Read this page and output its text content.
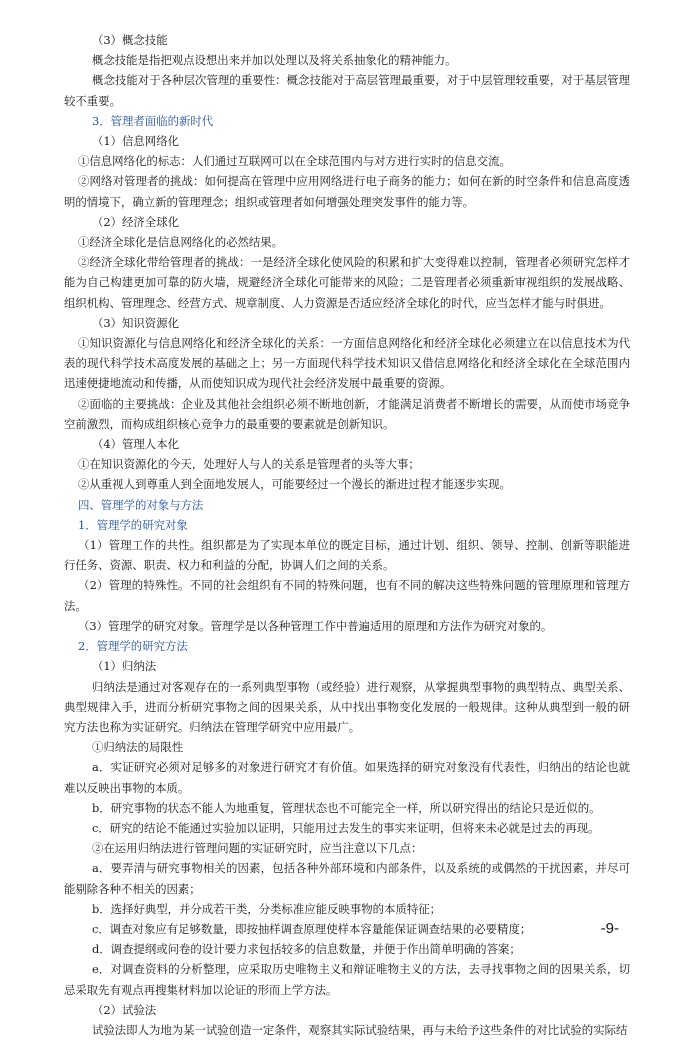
（3）概念技能

概念技能是指把观点设想出来并加以处理以及将关系抽象化的精神能力。

概念技能对于各种层次管理的重要性：概念技能对于高层管理最重要，对于中层管理较重要，对于基层管理较不重要。

3．管理者面临的新时代

（1）信息网络化

①信息网络化的标志：人们通过互联网可以在全球范围内与对方进行实时的信息交流。

②网络对管理者的挑战：如何提高在管理中应用网络进行电子商务的能力；如何在新的时空条件和信息高度透明的情境下，确立新的管理理念；组织或管理者如何增强处理突发事件的能力等。

（2）经济全球化

①经济全球化是信息网络化的必然结果。

②经济全球化带给管理者的挑战：一是经济全球化使风险的积累和扩大变得难以控制，管理者必须研究怎样才能为自己构建更加可靠的防火墙，规避经济全球化可能带来的风险；二是管理者必须重新审视组织的发展战略、组织机构、管理理念、经营方式、规章制度、人力资源是否适应经济全球化的时代，应当怎样才能与时俱进。

（3）知识资源化

①知识资源化与信息网络化和经济全球化的关系：一方面信息网络化和经济全球化必须建立在以信息技术为代表的现代科学技术高度发展的基础之上；另一方面现代科学技术知识又借信息网络化和经济全球化在全球范围内迅速便捷地流动和传播，从而使知识成为现代社会经济发展中最重要的资源。

②面临的主要挑战：企业及其他社会组织必须不断地创新，才能满足消费者不断增长的需要，从而使市场竞争空前激烈，而构成组织核心竞争力的最重要的要素就是创新知识。

（4）管理人本化

①在知识资源化的今天，处理好人与人的关系是管理者的头等大事；

②从重视人到尊重人到全面地发展人，可能要经过一个漫长的渐进过程才能逐步实现。

四、管理学的对象与方法

1．管理学的研究对象

（1）管理工作的共性。组织都是为了实现本单位的既定目标，通过计划、组织、领导、控制、创新等职能进行任务、资源、职责、权力和利益的分配，协调人们之间的关系。

（2）管理的特殊性。不同的社会组织有不同的特殊问题，也有不同的解决这些特殊问题的管理原理和管理方法。

（3）管理学的研究对象。管理学是以各种管理工作中普遍适用的原理和方法作为研究对象的。

2．管理学的研究方法

（1）归纳法

归纳法是通过对客观存在的一系列典型事物（或经验）进行观察，从掌握典型事物的典型特点、典型关系、典型规律入手，进而分析研究事物之间的因果关系，从中找出事物变化发展的一般规律。这种从典型到一般的研究方法也称为实证研究。归纳法在管理学研究中应用最广。

①归纳法的局限性

a．实证研究必须对足够多的对象进行研究才有价值。如果选择的研究对象没有代表性，归纳出的结论也就难以反映出事物的本质。

b．研究事物的状态不能人为地重复，管理状态也不可能完全一样，所以研究得出的结论只是近似的。

c．研究的结论不能通过实验加以证明，只能用过去发生的事实来证明，但将来未必就是过去的再现。

②在运用归纳法进行管理问题的实证研究时，应当注意以下几点：

a．要弄清与研究事物相关的因素，包括各种外部环境和内部条件，以及系统的或偶然的干扰因素，并尽可能剔除各种不相关的因素；

b．选择好典型，并分成若干类，分类标准应能反映事物的本质特征；

c．调查对象应有足够数量，即按抽样调查原理使样本容量能保证调查结果的必要精度；

d．调查提纲或问卷的设计要力求包括较多的信息数量，并便于作出简单明确的答案；

e．对调查资料的分析整理，应采取历史唯物主义和辩证唯物主义的方法，去寻找事物之间的因果关系，切忌采取先有观点再搜集材料加以论证的形而上学方法。

（2）试验法

试验法即人为地为某一试验创造一定条件，观察其实际试验结果，再与未给予这些条件的对比试验的实际结

-9-
